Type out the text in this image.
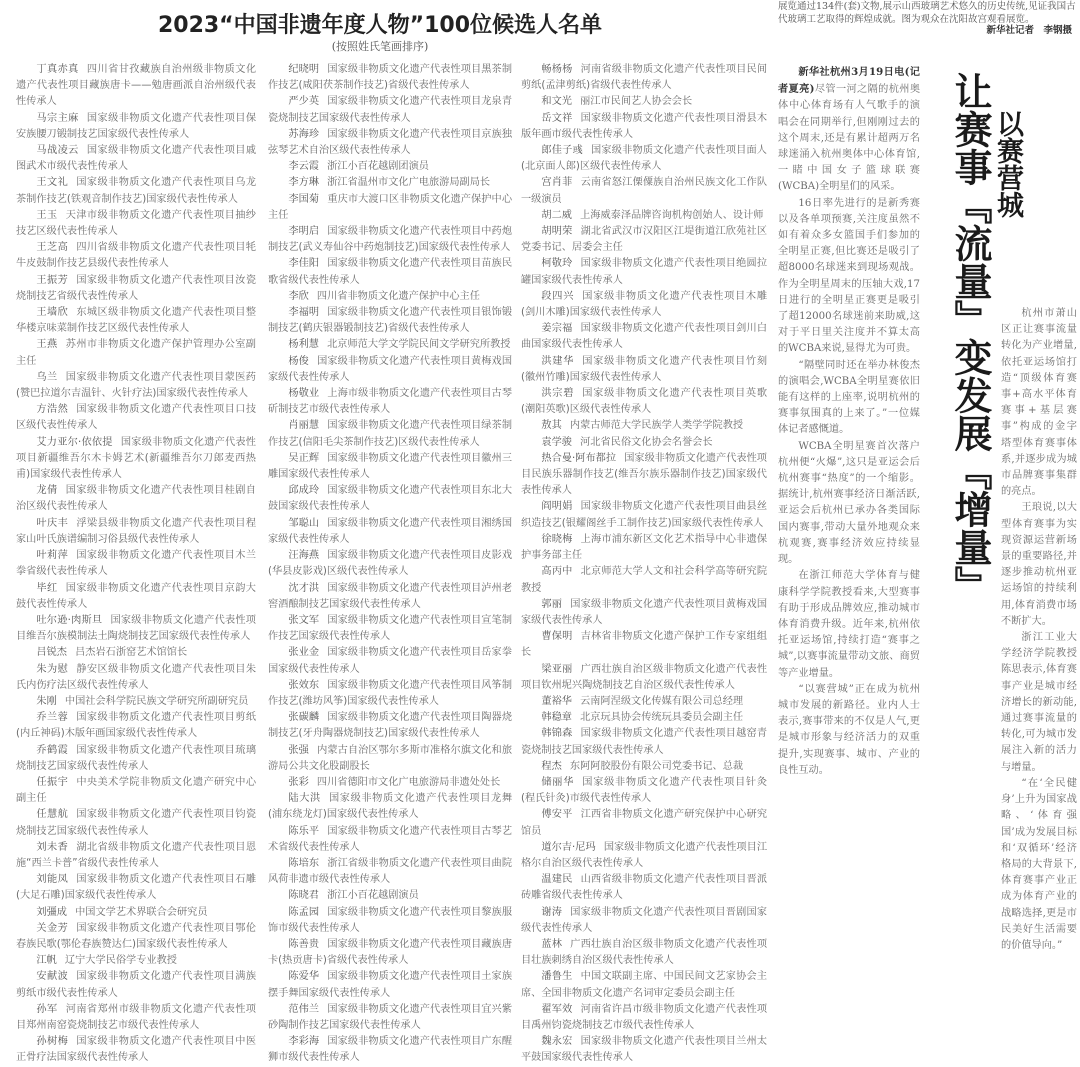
展览通过134件(套)文物,展示山西玻璃艺术悠久的历史传统,见证我国古代玻璃工艺取得的辉煌成就。图为观众在沈阳故宫观看展览。
新华社记者　李钢摄
2023“中国非遗年度人物”100位候选人名单
(按照姓氏笔画排序)

丁真赤真 四川省甘孜藏族自治州级非物质文化遗产代表性项目藏族唐卡——勉唐画派自治州级代表性传承人

马宗主麻 国家级非物质文化遗产代表性项目保安族腰刀锻制技艺国家级代表性传承人

马战凌云 国家级非物质文化遗产代表性项目戚图武术市级代表性传承人

王文礼 国家级非物质文化遗产代表性项目乌龙茶制作技艺(铁观音制作技艺)国家级代表性传承人

王玉 天津市级非物质文化遗产代表性项目抽纱技艺区级代表性传承人

王芝高 四川省级非物质文化遗产代表性项目牦牛皮鼓制作技艺县级代表性传承人

王振芳 国家级非物质文化遗产代表性项目汝瓷烧制技艺省级代表性传承人

王墙欣 东城区级非物质文化遗产代表性项目整华楼京味菜制作技艺区级代表性传承人

王燕 苏州市非物质文化遗产保护管理办公室副主任

乌兰 国家级非物质文化遗产代表性项目蒙医药(赞巴拉道尔吉温针、火针疗法)国家级代表性传承人

方浩然 国家级非物质文化遗产代表性项目口技区级代表性传承人

艾力亚尔·依依提 国家级非物质文化遗产代表性项目新疆维吾尔木卡姆艺术(新疆维吾尔刀郎麦西热甫)国家级代表性传承人

龙倩 国家级非物质文化遗产代表性项目桂剧自治区级代表性传承人

叶庆丰 浮梁县级非物质文化遗产代表性项目程家山叶氏族谱编制习俗县级代表性传承人

叶莉萍 国家级非物质文化遗产代表性项目木兰拳省级代表性传承人

毕红 国家级非物质文化遗产代表性项目京韵大鼓代表性传承人

吐尔逊·肉斯旦 国家级非物质文化遗产代表性项目维吾尔族模制法土陶烧制技艺国家级代表性传承人

吕锐杰 吕杰岩石浙窑艺术馆馆长

朱为慰 静安区级非物质文化遗产代表性项目朱氏内伤疗法区级代表性传承人

朱刚 中国社会科学院民族文学研究所副研究员

乔兰蓉 国家级非物质文化遗产代表性项目剪纸(内丘神码)木版年画国家级代表性传承人

乔鹤霞 国家级非物质文化遗产代表性项目琉璃烧制技艺国家级代表性传承人

任振宇 中央美术学院非物质文化遗产研究中心副主任

任慧航 国家级非物质文化遗产代表性项目钧瓷烧制技艺国家级代表性传承人

刘未香 湖北省级非物质文化遗产代表性项目恩施“西兰卡普”省级代表性传承人

刘能凤 国家级非物质文化遗产代表性项目石雕(大足石雕)国家级代表性传承人

刘彊成 中国文学艺术界联合会研究员

关金芳 国家级非物质文化遗产代表性项目鄂伦春族民歌(鄂伦春族赞达仁)国家级代表性传承人

江帆 辽宁大学民俗学专业教授

安献波 国家级非物质文化遗产代表性项目满族剪纸市级代表性传承人

孙军 河南省郑州市级非物质文化遗产代表性项目郑州南窑瓷烧制技艺市级代表性传承人

孙树梅 国家级非物质文化遗产代表性项目中医正骨疗法国家级代表性传承人

纪晓明 国家级非物质文化遗产代表性项目黑茶制作技艺(咸阳茯茶制作技艺)省级代表性传承人

严少英 国家级非物质文化遗产代表性项目龙泉青瓷烧制技艺国家级代表性传承人

苏海珍 国家级非物质文化遗产代表性项目京族独弦琴艺术自治区级代表性传承人

李云霞 浙江小百花越剧团演员

李方琳 浙江省温州市文化广电旅游局副局长

李国菊 重庆市大渡口区非物质文化遗产保护中心主任

李明启 国家级非物质文化遗产代表性项目中药炮制技艺(武义寿仙谷中药炮制技艺)国家级代表性传承人

李佳阳 国家级非物质文化遗产代表性项目苗族民歌省级代表性传承人

李欣 四川省非物质文化遗产保护中心主任

李福明 国家级非物质文化遗产代表性项目银饰锻制技艺(鹤庆银器锻制技艺)省级代表性传承人

杨利慧 北京师范大学文学院民间文学研究所教授

杨俊 国家级非物质文化遗产代表性项目黄梅戏国家级代表性传承人

杨敬业 上海市级非物质文化遗产代表性项目古琴斫制技艺市级代表性传承人

肖丽慧 国家级非物质文化遗产代表性项目绿茶制作技艺(信阳毛尖茶制作技艺)区级代表性传承人

吴正辉 国家级非物质文化遗产代表性项目徽州三雕国家级代表性传承人

邱成玲 国家级非物质文化遗产代表性项目东北大鼓国家级代表性传承人

邹聪山 国家级非物质文化遗产代表性项目湘绣国家级代表性传承人

汪海燕 国家级非物质文化遗产代表性项目皮影戏(华县皮影戏)区级代表性传承人

沈才洪 国家级非物质文化遗产代表性项目泸州老窖酒酿制技艺国家级代表性传承人

张文军 国家级非物质文化遗产代表性项目宣笔制作技艺国家级代表性传承人

张业金 国家级非物质文化遗产代表性项目岳家拳国家级代表性传承人

张效东 国家级非物质文化遗产代表性项目风筝制作技艺(潍坊风筝)国家级代表性传承人

张碳麟 国家级非物质文化遗产代表性项目陶器烧制技艺(牙舟陶器烧制技艺)国家级代表性传承人

张强 内蒙古自治区鄂尔多斯市准格尔旗文化和旅游局公共文化股副股长

张彩 四川省德阳市文化广电旅游局非遗处处长

陆大洪 国家级非物质文化遗产代表性项目龙舞(浦东绕龙灯)国家级代表性传承人

陈乐平 国家级非物质文化遗产代表性项目古琴艺术省级代表性传承人

陈培东 浙江省级非物质文化遗产代表性项目曲院风荷非遗市级代表性传承人

陈晓君 浙江小百花越剧演员

陈孟园 国家级非物质文化遗产代表性项目黎族服饰市级代表性传承人

陈善贵 国家级非物质文化遗产代表性项目藏族唐卡(热贡唐卡)省级代表性传承人

陈爱华 国家级非物质文化遗产代表性项目土家族摆手舞国家级代表性传承人

范伟兰 国家级非物质文化遗产代表性项目宜兴紫砂陶制作技艺国家级代表性传承人

李彩海 国家级非物质文化遗产代表性项目广东醒狮市级代表性传承人

畅杨杨 河南省级非物质文化遗产代表性项目民间剪纸(孟津剪纸)省级代表性传承人

和文光 丽江市民间艺人协会会长

岳文祥 国家级非物质文化遗产代表性项目滑县木版年画市级代表性传承人

郎佳子彧 国家级非物质文化遗产代表性项目面人(北京面人郎)区级代表性传承人

宫肖菲 云南省怒江傈僳族自治州民族文化工作队一级演员

胡二威 上海威泰泽品牌咨询机构创始人、设计师

胡明荣 湖北省武汉市汉阳区江堤街道江欣苑社区党委书记、居委会主任

柯敬玲 国家级非物质文化遗产代表性项目绝圆拉罐国家级代表性传承人

段四兴 国家级非物质文化遗产代表性项目木雕(剑川木雕)国家级代表性传承人

姜宗福 国家级非物质文化遗产代表性项目剑川白曲国家级代表性传承人

洪建华 国家级非物质文化遗产代表性项目竹刻(徽州竹雕)国家级代表性传承人

洪宗碧 国家级非物质文化遗产代表性项目英歌(潮阳英歌)区级代表性传承人

敖其 内蒙古师范大学民族学人类学学院教授

袁学骏 河北省民俗文化协会名誉会长

热合曼·阿布都拉 国家级非物质文化遗产代表性项目民族乐器制作技艺(维吾尔族乐器制作技艺)国家级代表性传承人

阎明娟 国家级非物质文化遗产代表性项目曲县丝织造技艺(银耀阁丝手工制作技艺)国家级代表性传承人

徐晓梅 上海市浦东新区文化艺术指导中心非遗保护事务部主任

高丙中 北京师范大学人文和社会科学高等研究院教授

郭丽 国家级非物质文化遗产代表性项目黄梅戏国家级代表性传承人

曹保明 吉林省非物质文化遗产保护工作专家组组长

梁亚丽 广西壮族自治区级非物质文化遗产代表性项目钦州坭兴陶烧制技艺自治区级代表性传承人

董裕华 云南阿涅级文化传媒有限公司总经理

韩稳章 北京玩具协会传统玩具委员会副主任

韩锦森 国家级非物质文化遗产代表性项目越窑青瓷烧制技艺国家级代表性传承人

程杰 东阿阿胶股份有限公司党委书记、总裁

储丽华 国家级非物质文化遗产代表性项目针灸(程氏针灸)市级代表性传承人

傅安平 江西省非物质文化遗产研究保护中心研究馆员

道尔吉·尼玛 国家级非物质文化遗产代表性项目江格尔自治区级代表性传承人

温建民 山西省级非物质文化遗产代表性项目晋派砖雕省级代表性传承人

谢涛 国家级非物质文化遗产代表性项目晋剧国家级代表性传承人

蓝林 广西壮族自治区级非物质文化遗产代表性项目壮族刺绣自治区级代表性传承人

潘鲁生 中国文联副主席、中国民间文艺家协会主席、全国非物质文化遗产名词审定委员会副主任

翟军效 河南省许昌市级非物质文化遗产代表性项目禹州钧瓷烧制技艺市级代表性传承人

魏永宏 国家级非物质文化遗产代表性项目兰州太平鼓国家级代表性传承人

新华社杭州3月19日电(记者夏亮)尽管一河之隔的杭州奥体中心体育场有人气歌手的演唱会在同期举行,但刚刚过去的这个周末,还是有累计超两万名球迷涌入杭州奥体中心体育馆,一睹中国女子篮球联赛(WCBA)全明星们的风采。

16日率先进行的是新秀赛以及各单项预赛,关注度虽然不如有着众多女篮国手们参加的全明星正赛,但比赛还是吸引了超8000名球迷来到现场观战。作为全明星周末的压轴大戏,17日进行的全明星正赛更是吸引了超12000名球迷前来助威,这对于平日里关注度并不算太高的WCBA来说,显得尤为可贵。

“隔壁同时还在举办林俊杰的演唱会,WCBA全明星赛依旧能有这样的上座率,说明杭州的赛事氛围真的上来了。”一位媒体记者感慨道。

WCBA全明星赛首次落户杭州便“火爆”,这只是亚运会后杭州赛事“热度”的一个缩影。据统计,杭州赛事经济日渐活跃,亚运会后杭州已承办各类国际国内赛事,带动大量外地观众来杭观赛,赛事经济效应持续显现。

在浙江师范大学体育与健康科学学院教授看来,大型赛事有助于形成品牌效应,推动城市体育消费升级。近年来,杭州依托亚运场馆,持续打造“赛事之城”,以赛事流量带动文旅、商贸等产业增量。

“以赛营城”正在成为杭州城市发展的新路径。业内人士表示,赛事带来的不仅是人气,更是城市形象与经济活力的双重提升,实现赛事、城市、产业的良性互动。

让赛事『流量』变发展『增量』 以赛营城

杭州市萧山区正让赛事流量转化为产业增量,依托亚运场馆打造“顶级体育赛事+高水平体育赛事+基层赛事”构成的金字塔型体育赛事体系,并逐步成为城市品牌赛事集群的亮点。

王琅说,以大型体育赛事为实现资源运营新场景的重要路径,并逐步推动杭州亚运场馆的持续利用,体育消费市场不断扩大。

浙江工业大学经济学院教授陈思表示,体育赛事产业是城市经济增长的新动能,通过赛事流量的转化,可为城市发展注入新的活力与增量。

“在‘全民健身’上升为国家战略、‘体育强国’成为发展目标和‘双循环’经济格局的大背景下,体育赛事产业正成为体育产业的战略选择,更是市民美好生活需要的价值导向。”
